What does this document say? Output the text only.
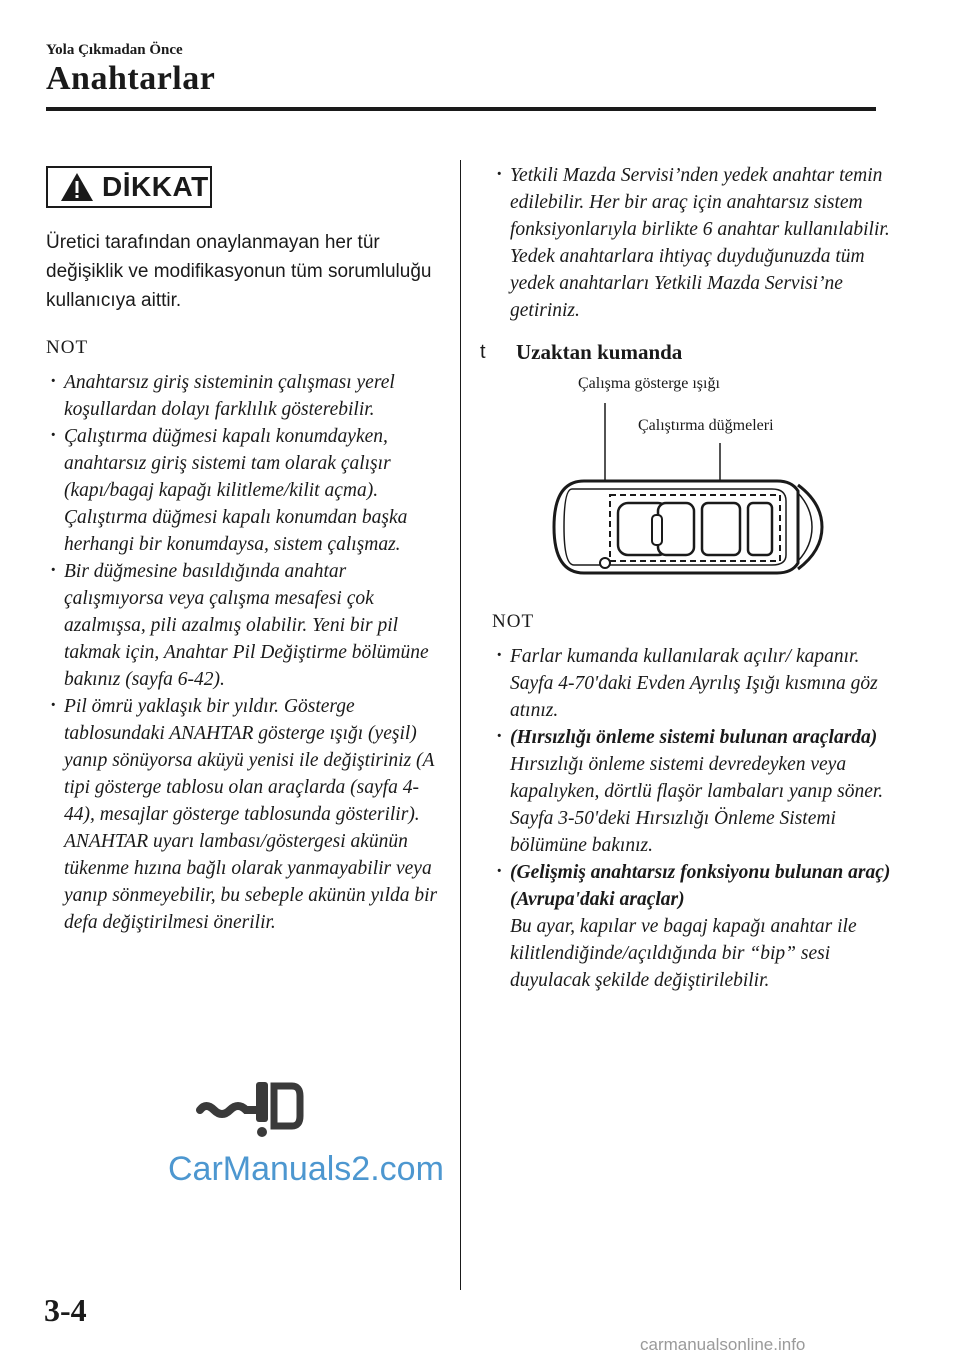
Yola Çıkmadan Önce
Anahtarlar
DİKKAT
Üretici tarafından onaylanmayan her tür değişiklik ve modifikasyonun tüm sorumluluğu kullanıcıya aittir.
NOT
· Anahtarsız giriş sisteminin çalışması yerel koşullardan dolayı farklılık gösterebilir.
· Çalıştırma düğmesi kapalı konumdayken, anahtarsız giriş sistemi tam olarak çalışır (kapı/bagaj kapağı kilitleme/kilit açma). Çalıştırma düğmesi kapalı konumdan başka herhangi bir konumdaysa, sistem çalışmaz.
· Bir düğmesine basıldığında anahtar çalışmıyorsa veya çalışma mesafesi çok azalmışsa, pili azalmış olabilir. Yeni bir pil takmak için, Anahtar Pil Değiştirme bölümüne bakınız (sayfa 6-42).
· Pil ömrü yaklaşık bir yıldır. Gösterge tablosundaki ANAHTAR gösterge ışığı (yeşil) yanıp sönüyorsa aküyü yenisi ile değiştiriniz (A tipi gösterge tablosu olan araçlarda (sayfa 4-44), mesajlar gösterge tablosunda gösterilir). ANAHTAR uyarı lambası/göstergesi akünün tükenme hızına bağlı olarak yanmayabilir veya yanıp sönmeyebilir, bu sebeple akünün yılda bir defa değiştirilmesi önerilir.
· Yetkili Mazda Servisi’nden yedek anahtar temin edilebilir. Her bir araç için anahtarsız sistem fonksiyonlarıyla birlikte 6 anahtar kullanılabilir. Yedek anahtarlara ihtiyaç duyduğunuzda tüm yedek anahtarları Yetkili Mazda Servisi’ne getiriniz.
t	Uzaktan kumanda
Çalışma gösterge ışığı
Çalıştırma düğmeleri
NOT
· Farlar kumanda kullanılarak açılır/ kapanır. Sayfa 4-70'daki Evden Ayrılış Işığı kısmına göz atınız.
· (Hırsızlığı önleme sistemi bulunan araçlarda)
Hırsızlığı önleme sistemi devredeyken veya kapalıyken, dörtlü flaşör lambaları yanıp söner.
Sayfa 3-50'deki Hırsızlığı Önleme Sistemi bölümüne bakınız.
· (Gelişmiş anahtarsız fonksiyonu bulunan araç) (Avrupa'daki araçlar)
Bu ayar, kapılar ve bagaj kapağı anahtar ile kilitlendiğinde/açıldığında bir “bip” sesi duyulacak şekilde değiştirilebilir.
CarManuals2.com
3-4
carmanualsonline.info
